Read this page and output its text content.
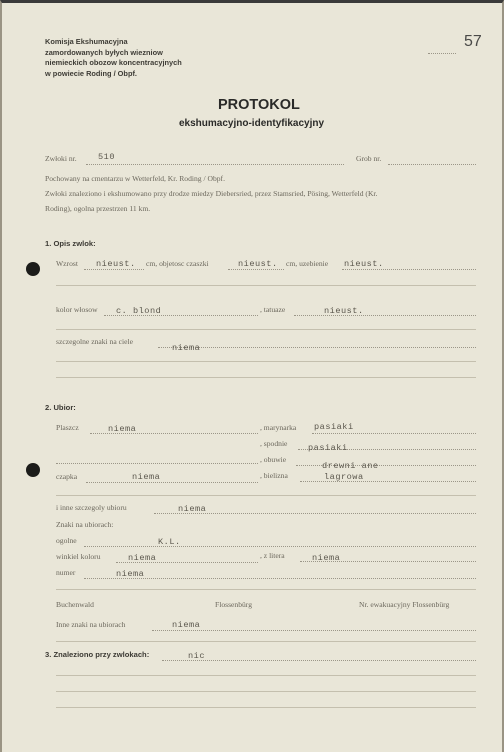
Komisja Ekshumacyjna
zamordowanych byłych wiezniow
niemieckich obozow koncentracyjnych
w powiecie Roding / Obpf.
57
PROTOKOL
ekshumacyjno-identyfikacyjny
Zwłoki nr. 510	Grob nr.
Pochowany na cmentarzu w Wetterfeld, Kr. Roding / Obpf.
Zwłoki znaleziono i ekshumowano przy drodze miedzy Diebersried, przez Stamsried, Pösing, Wetterfeld (Kr.
Roding), ogolna przestrzen 11 km.
1. Opis zwlok:
Wzrost nieust. cm, objetosc czaszki	nieust. cm, uzebienie nieust.
kolor włosow c. blond	, tatuaze	nieust.
szczegolne znaki na ciele
niema
2. Ubior:
Plaszcz	niema	, marynarka pasiaki
, spodnie pasiaki
, obuwie
drewni ane
czapka	niema	, bielizna	lagrowa
i inne szczegoly ubioru	niema
Znaki na ubiorach:
ogolne	K.L.
winkiel koloru	niema	, z litera	niema
numer	niema
Buchenwald	Flossenbürg	Nr. ewakuacyjny Flossenbürg
Inne znaki na ubiorach	niema
3. Znaleziono przy zwlokach:	nic
